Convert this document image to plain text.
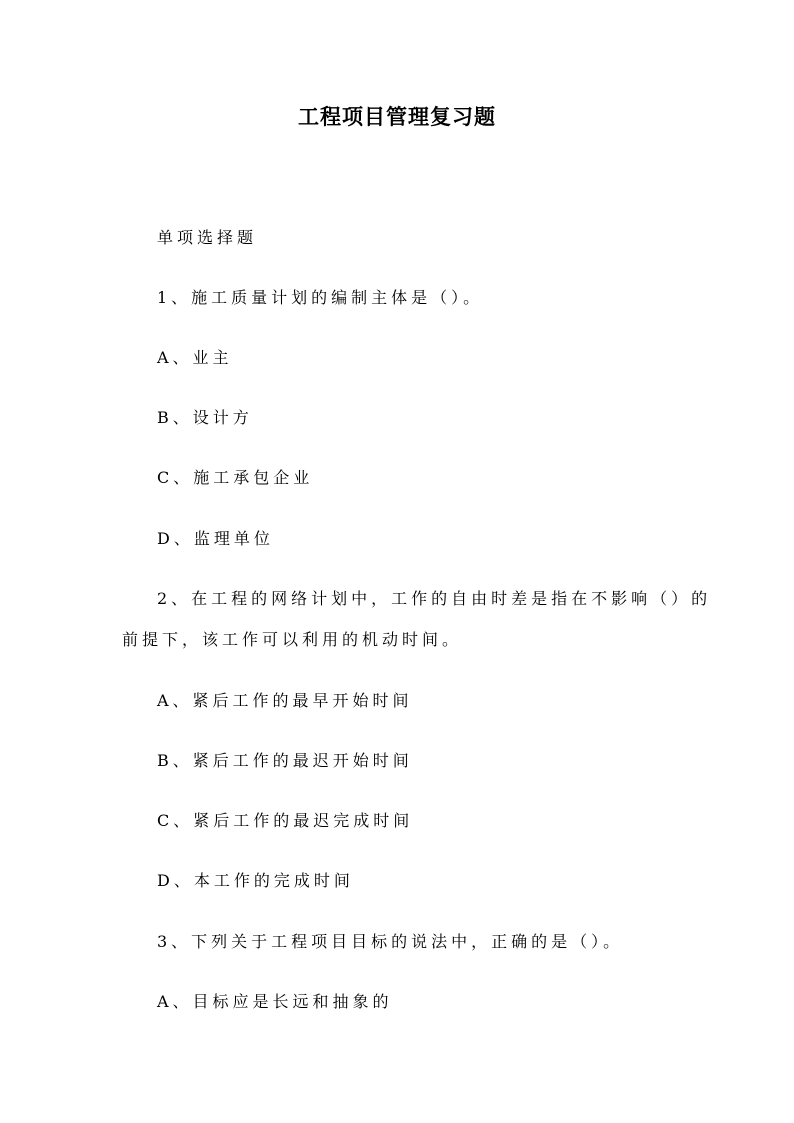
工程项目管理复习题
单项选择题
1、施工质量计划的编制主体是（）。
A、业主
B、设计方
C、施工承包企业
D、监理单位
2、在工程的网络计划中，工作的自由时差是指在不影响（）的
前提下，该工作可以利用的机动时间。
A、紧后工作的最早开始时间
B、紧后工作的最迟开始时间
C、紧后工作的最迟完成时间
D、本工作的完成时间
3、下列关于工程项目目标的说法中，正确的是（）。
A、目标应是长远和抽象的
